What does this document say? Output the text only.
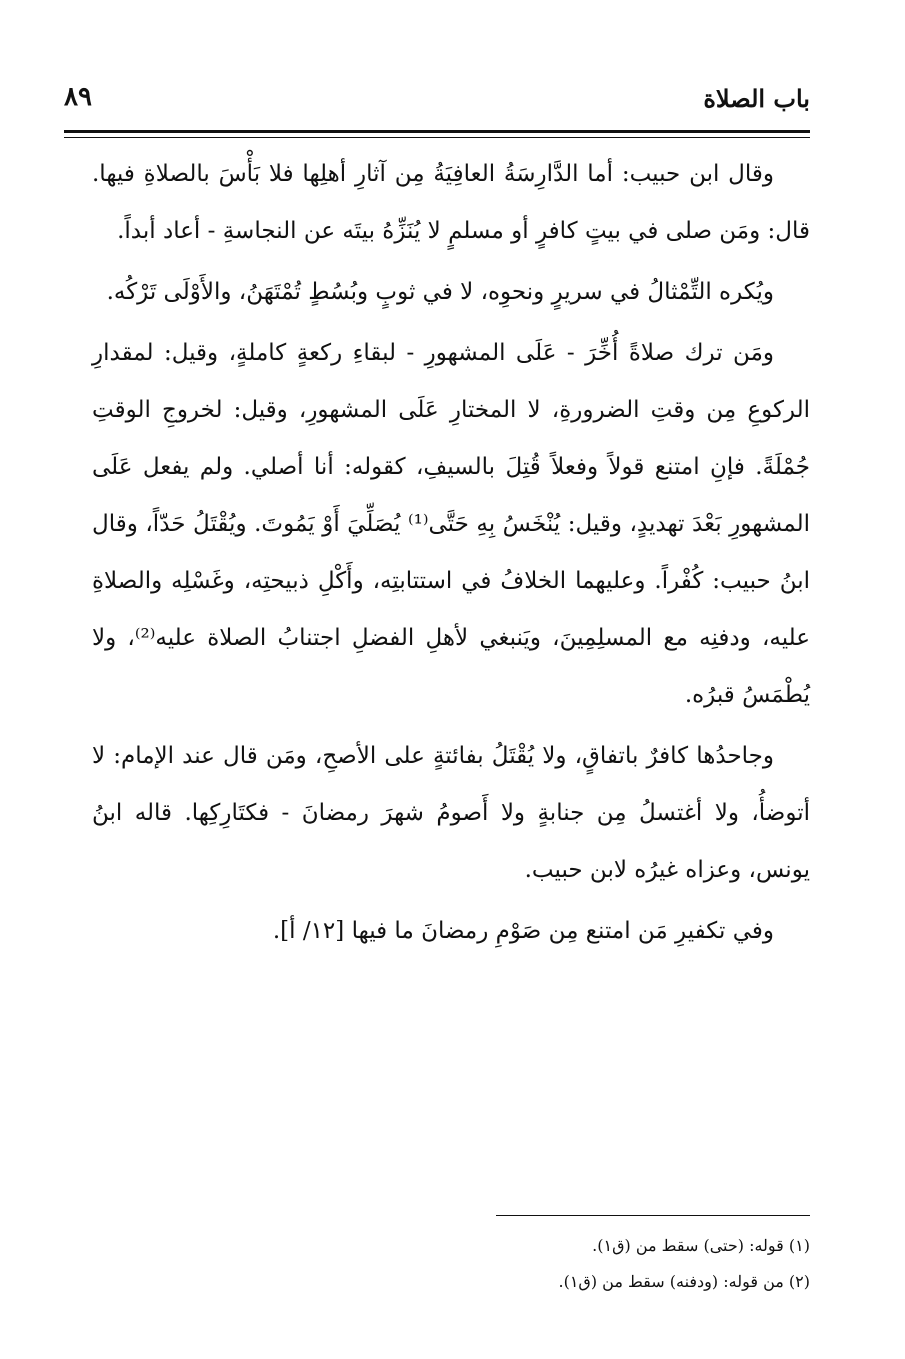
باب الصلاة
٨٩

وقال ابن حبيب: أما الدَّارِسَةُ العافِيَةُ مِن آثارِ أهلِها فلا بَأْسَ بالصلاةِ فيها. قال: ومَن صلى في بيتٍ كافرٍ أو مسلمٍ لا يُنَزِّهُ بيتَه عن النجاسةِ - أعاد أبداً.

ويُكره التِّمْثالُ في سريرٍ ونحوِه، لا في ثوبٍ وبُسُطٍ تُمْتَهَنُ، والأَوْلَى تَرْكُه.

ومَن ترك صلاةً أُخِّرَ - عَلَى المشهورِ - لبقاءِ ركعةٍ كاملةٍ، وقيل: لمقدارِ الركوعِ مِن وقتِ الضرورةِ، لا المختارِ عَلَى المشهورِ، وقيل: لخروجِ الوقتِ جُمْلَةً. فإنِ امتنع قولاً وفعلاً قُتِلَ بالسيفِ، كقوله: أنا أصلي. ولم يفعل عَلَى المشهورِ بَعْدَ تهديدٍ، وقيل: يُنْخَسُ بِهِ حَتَّى⁽¹⁾ يُصَلِّيَ أَوْ يَمُوتَ. ويُقْتَلُ حَدّاً، وقال ابنُ حبيب: كُفْراً. وعليهما الخلافُ في استتابتِه، وأَكْلِ ذبيحتِه، وغَسْلِه والصلاةِ عليه، ودفنِه مع المسلِمِينَ، ويَنبغي لأهلِ الفضلِ اجتنابُ الصلاة عليه⁽²⁾، ولا يُطْمَسُ قبرُه.

وجاحدُها كافرٌ باتفاقٍ، ولا يُقْتَلُ بفائتةٍ على الأصحِ، ومَن قال عند الإمام: لا أتوضأُ، ولا أغتسلُ مِن جنابةٍ ولا أَصومُ شهرَ رمضانَ - فكتَارِكِها. قاله ابنُ يونس، وعزاه غيرُه لابن حبيب.

وفي تكفيرِ مَن امتنع مِن صَوْمِ رمضانَ ما فيها [١٢/ أ].

(١) قوله: (حتى) سقط من (ق١).

(٢) من قوله: (ودفنه) سقط من (ق١).
